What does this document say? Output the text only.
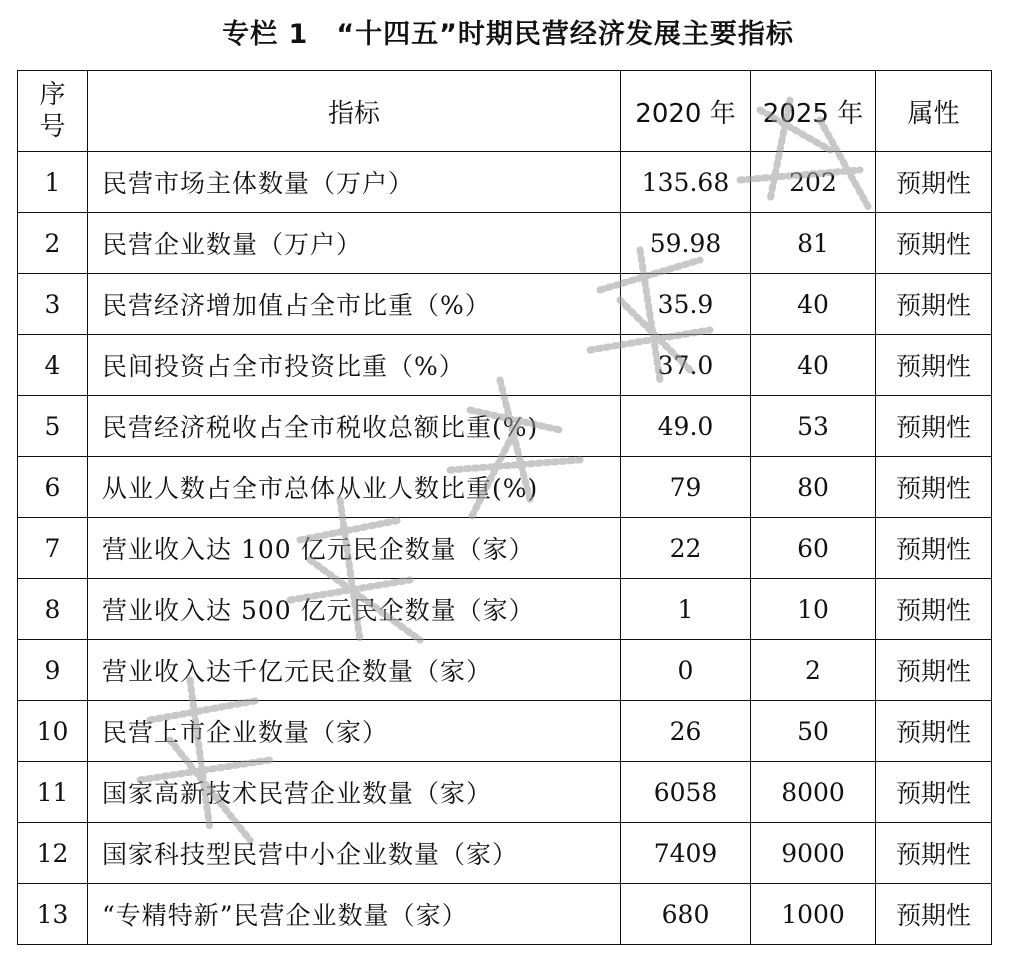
专栏 1　“十四五”时期民营经济发展主要指标
序
号	指标	2020 年	2025 年	属性
1	民营市场主体数量（万户）	135.68	202	预期性
2	民营企业数量（万户）	59.98	81	预期性
3	民营经济增加值占全市比重（%）	35.9	40	预期性
4	民间投资占全市投资比重（%）	37.0	40	预期性
5	民营经济税收占全市税收总额比重(%)	49.0	53	预期性
6	从业人数占全市总体从业人数比重(%)	79	80	预期性
7	营业收入达 100 亿元民企数量（家）	22	60	预期性
8	营业收入达 500 亿元民企数量（家）	1	10	预期性
9	营业收入达千亿元民企数量（家）	0	2	预期性
10	民营上市企业数量（家）	26	50	预期性
11	国家高新技术民营企业数量（家）	6058	8000	预期性
12	国家科技型民营中小企业数量（家）	7409	9000	预期性
13	“专精特新”民营企业数量（家）	680	1000	预期性
